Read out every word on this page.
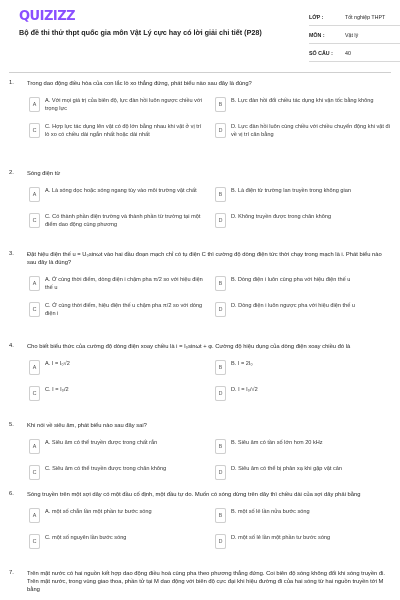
QUIZIZZ
Bộ đề thi thử thpt quốc gia môn Vật Lý cực hay có lời giải chi tiết (P28)
LỚP :	Tốt nghiệp THPT
MÔN :	Vật lý
SỐ CÂU :	40
1.	Trong dao động điều hòa của con lắc lò xo thẳng đứng, phát biểu nào sau đây là đúng?
A
A. Với mọi giá trị của biên độ, lực đàn hồi luôn ngược chiều với trọng lực
B
B. Lực đàn hồi đổi chiều tác dụng khi vận tốc bằng không
C
C. Hợp lực tác dụng lên vật có độ lớn bằng nhau khi vật ở vị trí lò xo có chiều dài ngắn nhất hoặc dài nhất
D
D. Lực đàn hồi luôn cùng chiều với chiều chuyển động khi vật đi về vị trí cân bằng
2.	Sóng điện từ
A
A. Là sóng dọc hoặc sóng ngang tùy vào môi trường vật chất
B
B. Là điện từ trường lan truyền trong không gian
C
C. Có thành phần điện trường và thành phần từ trường tại một điểm dao động cùng phương
D
D. Không truyền được trong chân không
3.	Đặt hiệu điện thế u = U₀sinωt vào hai đầu đoạn mạch chỉ có tụ điện C thì cường độ dòng điện tức thời chạy trong mạch là i. Phát biểu nào sau đây là đúng?
A
A. Ở cùng thời điểm, dòng điện i chậm pha π/2 so với hiệu điện thế u
B
B. Dòng điện i luôn cùng pha với hiệu điện thế u
C
C. Ở cùng thời điểm, hiệu điện thế u chậm pha π/2 so với dòng điện i
D
D. Dòng điện i luôn ngược pha với hiệu điện thế u
4.	Cho biết biểu thức của cường độ dòng điện xoay chiều là i = I₀sinωt + φ. Cường độ hiệu dụng của dòng điện xoay chiều đó là
A
A. I = I₀√2
B
B. I = 2I₀
C
C. I = I₀/2
D
D. I = I₀/√2
5.	Khi nói về siêu âm, phát biểu nào sau đây sai?
A
A. Siêu âm có thể truyền được trong chất rắn
B
B. Siêu âm có tần số lớn hơn 20 kHz
C
C. Siêu âm có thể truyền được trong chân không
D
D. Siêu âm có thể bị phản xạ khi gặp vật cản
6.	Sóng truyền trên một sợi dây có một đầu cố định, một đầu tự do. Muốn có sóng dừng trên dây thì chiều dài của sợi dây phải bằng
A
A. một số chẵn lần một phần tư bước sóng
B
B. một số lẻ lần nửa bước sóng
C
C. một số nguyên lần bước sóng
D
D. một số lẻ lần một phần tư bước sóng
7.	Trên mặt nước có hai nguồn kết hợp dao động điều hoà cùng pha theo phương thẳng đứng. Coi biên độ sóng không đổi khi sóng truyền đi. Trên mặt nước, trong vùng giao thoa, phần tử tại M dao động với biên độ cực đại khi hiệu đường đi của hai sóng từ hai nguồn truyền tới M bằng
